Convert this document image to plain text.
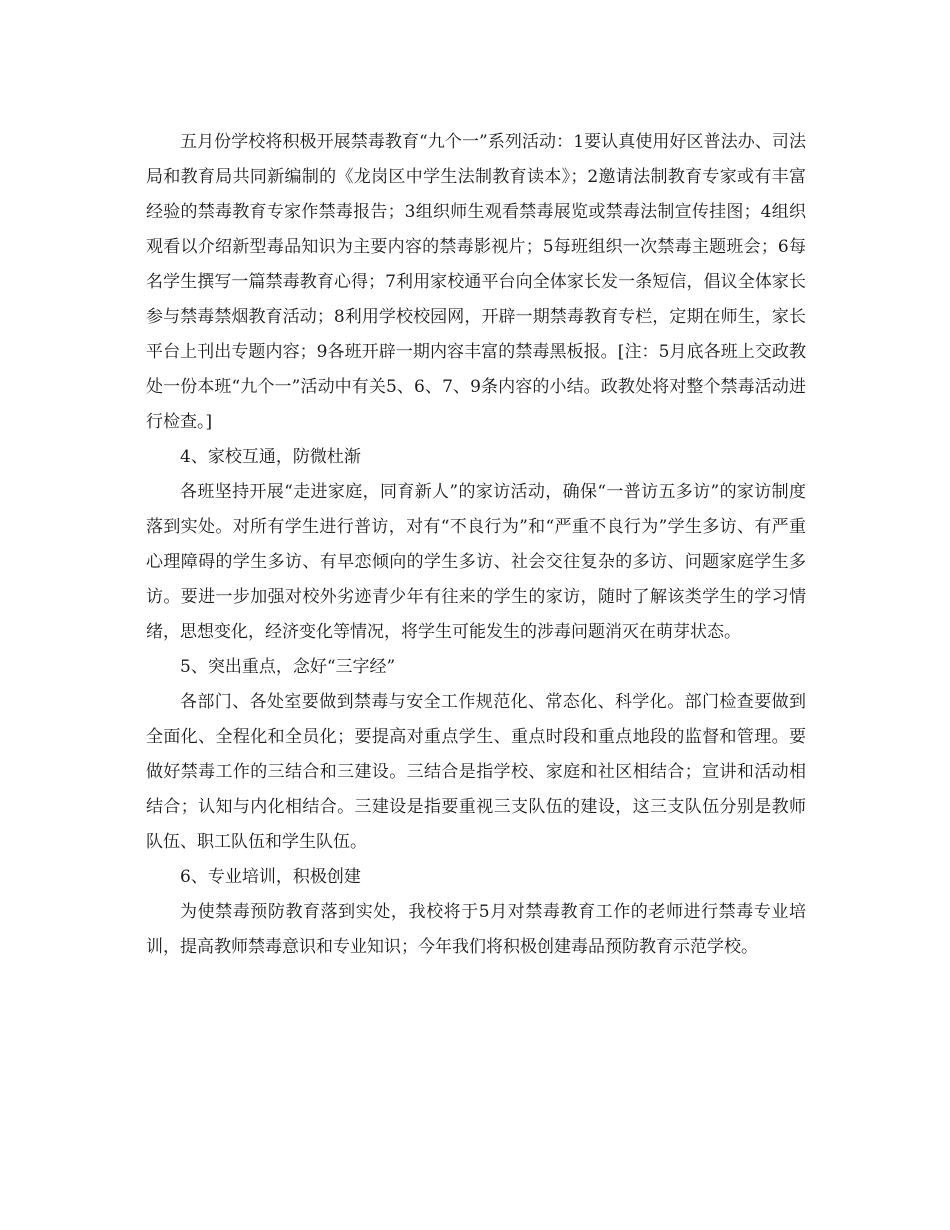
五月份学校将积极开展禁毒教育“九个一”系列活动：1要认真使用好区普法办、司法局和教育局共同新编制的《龙岗区中学生法制教育读本》；2邀请法制教育专家或有丰富经验的禁毒教育专家作禁毒报告；3组织师生观看禁毒展览或禁毒法制宣传挂图；4组织观看以介绍新型毒品知识为主要内容的禁毒影视片；5每班组织一次禁毒主题班会；6每名学生撰写一篇禁毒教育心得；7利用家校通平台向全体家长发一条短信，倡议全体家长参与禁毒禁烟教育活动；8利用学校校园网，开辟一期禁毒教育专栏，定期在师生，家长平台上刊出专题内容；9各班开辟一期内容丰富的禁毒黑板报。[注：5月底各班上交政教处一份本班“九个一”活动中有关5、6、7、9条内容的小结。政教处将对整个禁毒活动进行检查。]

4、家校互通，防微杜渐

各班坚持开展“走进家庭，同育新人”的家访活动，确保“一普访五多访”的家访制度落到实处。对所有学生进行普访，对有“不良行为”和“严重不良行为”学生多访、有严重心理障碍的学生多访、有早恋倾向的学生多访、社会交往复杂的多访、问题家庭学生多访。要进一步加强对校外劣迹青少年有往来的学生的家访，随时了解该类学生的学习情绪，思想变化，经济变化等情况，将学生可能发生的涉毒问题消灭在萌芽状态。

5、突出重点，念好“三字经”

各部门、各处室要做到禁毒与安全工作规范化、常态化、科学化。部门检查要做到全面化、全程化和全员化；要提高对重点学生、重点时段和重点地段的监督和管理。要做好禁毒工作的三结合和三建设。三结合是指学校、家庭和社区相结合；宣讲和活动相结合；认知与内化相结合。三建设是指要重视三支队伍的建设，这三支队伍分别是教师队伍、职工队伍和学生队伍。

6、专业培训，积极创建

为使禁毒预防教育落到实处，我校将于5月对禁毒教育工作的老师进行禁毒专业培训，提高教师禁毒意识和专业知识；今年我们将积极创建毒品预防教育示范学校。
